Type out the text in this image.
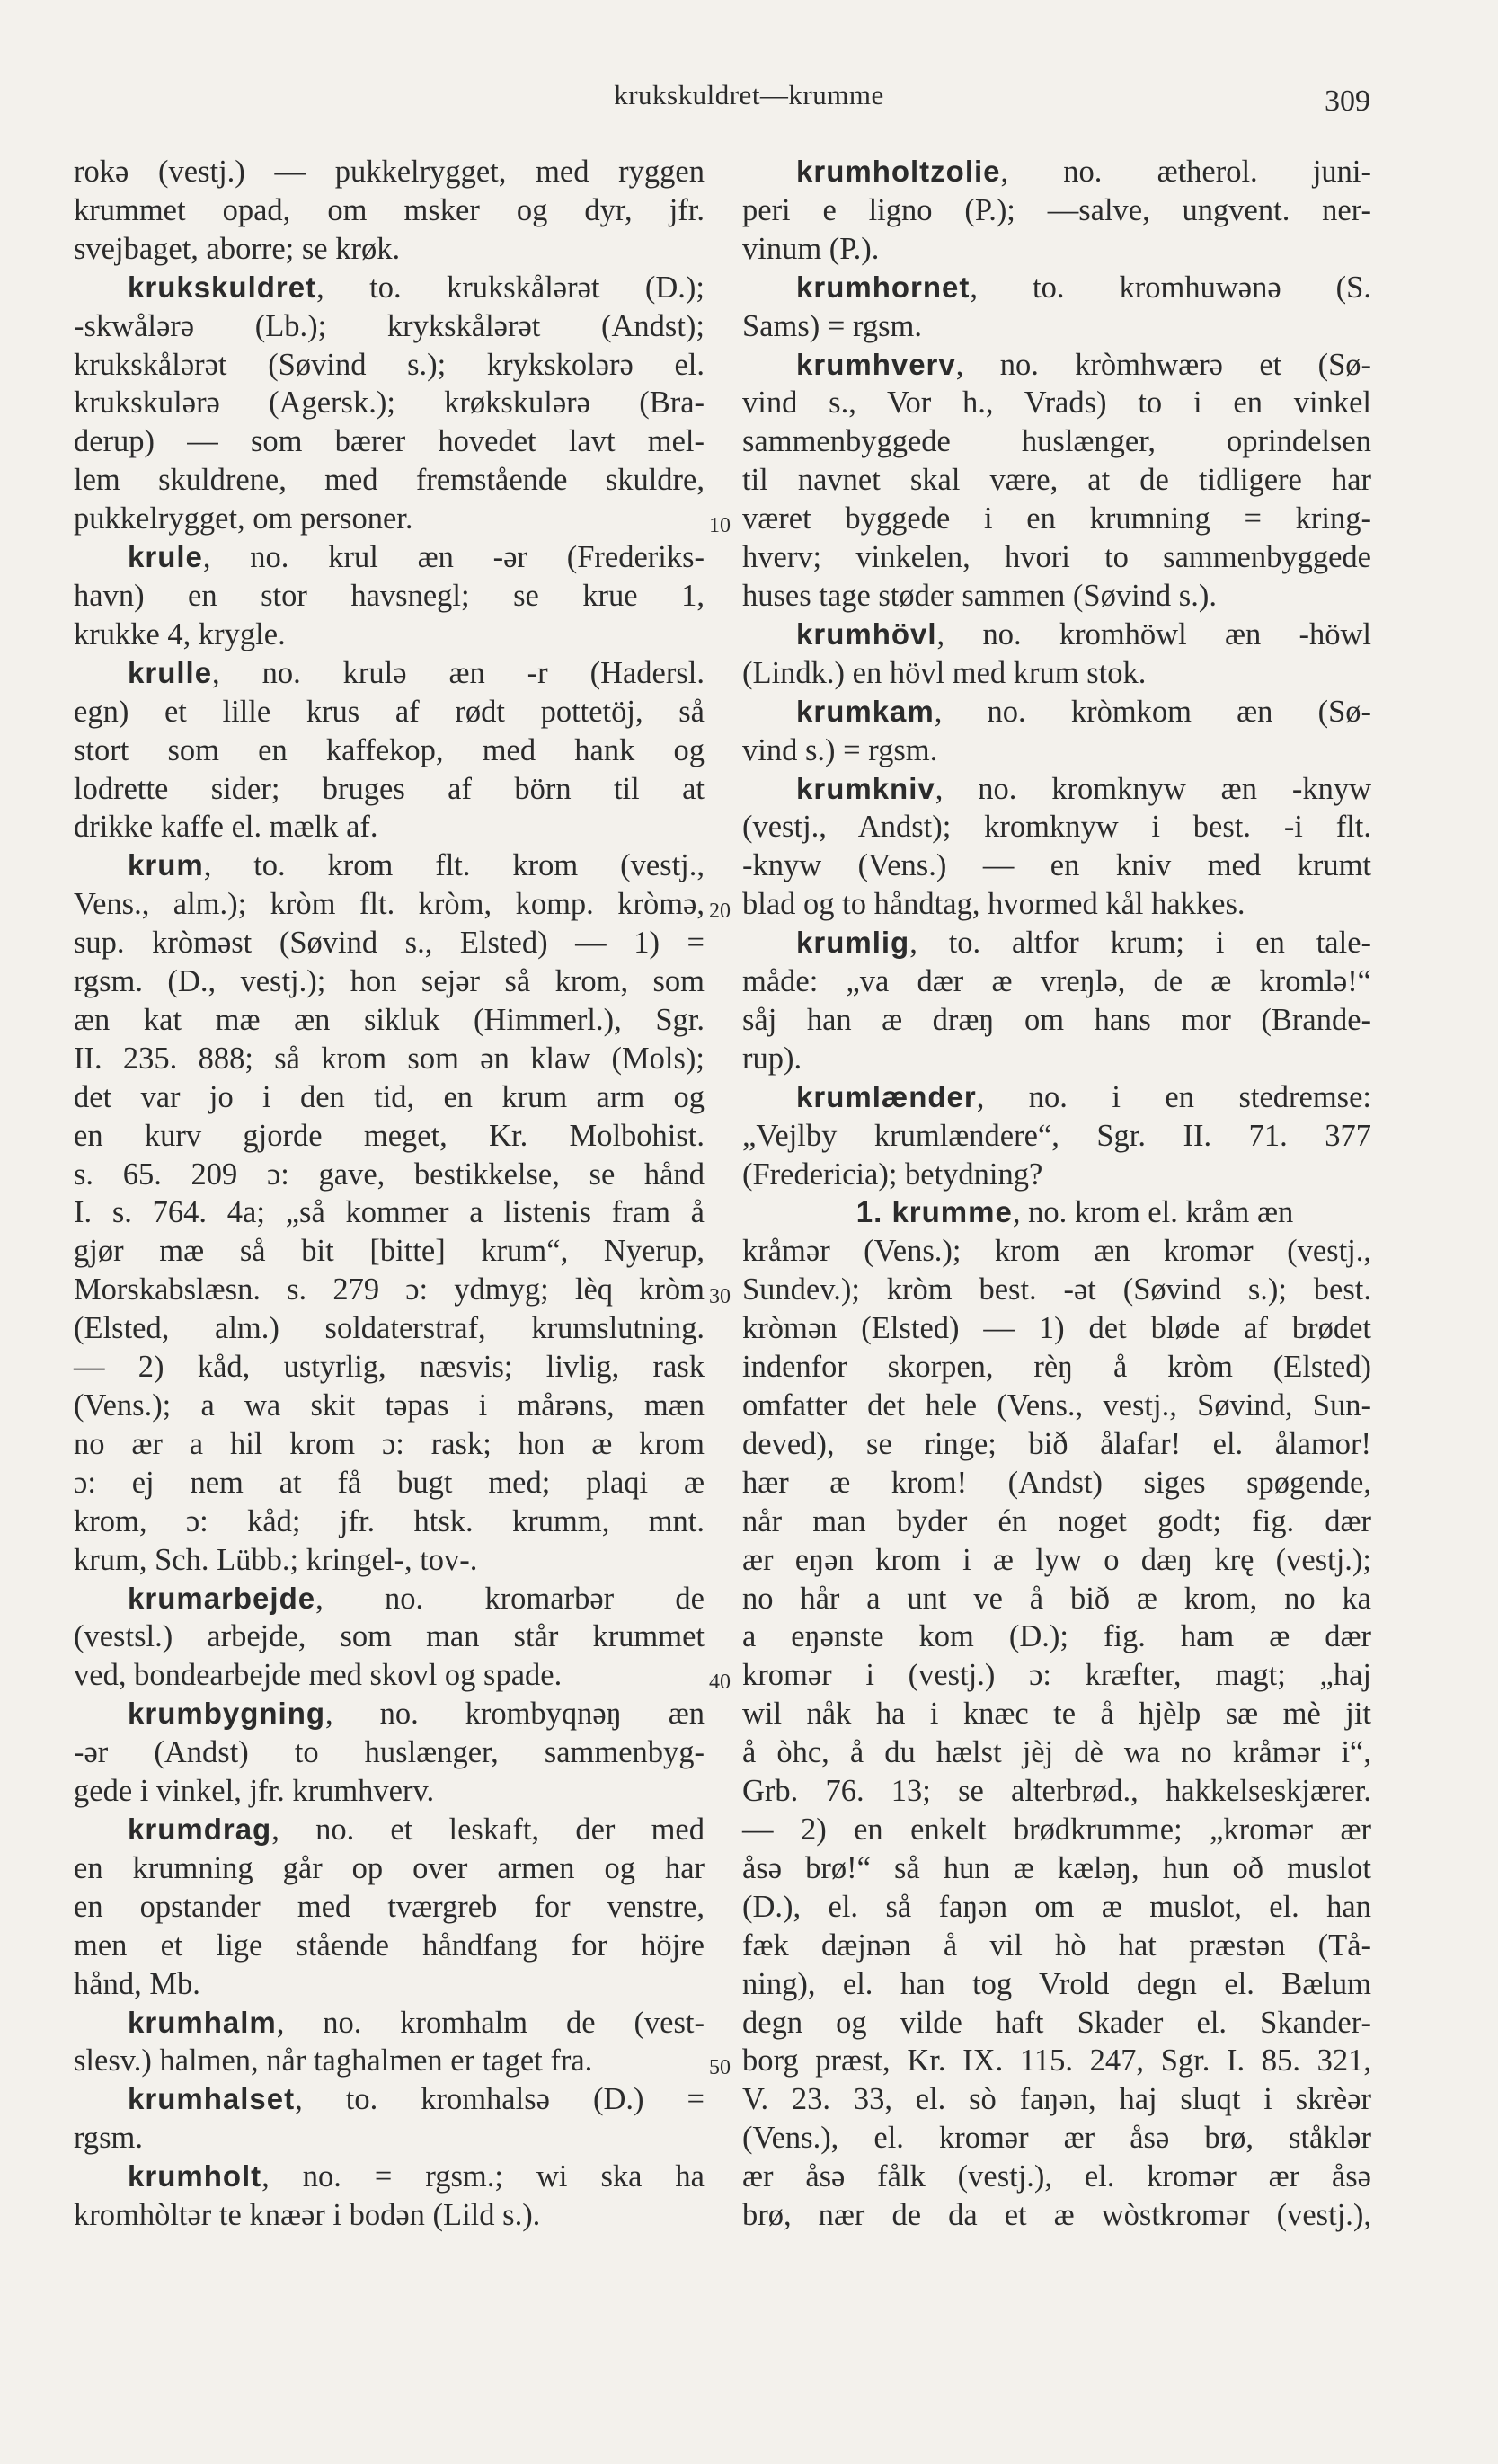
krukskuldret—krumme	309
rokə (vestj.) — pukkelrygget, med ryggen
krummet opad, om msker og dyr, jfr.
svejbaget, aborre; se krøk.
krukskuldret, to. krukskålərət (D.);
-skwålərə (Lb.); krykskålərət (Andst);
krukskålərət (Søvind s.); krykskolərə el.
krukskulərə (Agersk.); krøkskulərə (Bra-
derup) — som bærer hovedet lavt mel-
lem skuldrene, med fremstående skuldre,
pukkelrygget, om personer.
krule, no. krul æn -ər (Frederiks-
havn) en stor havsnegl; se krue 1,
krukke 4, krygle.
krulle, no. krulə æn -r (Hadersl.
egn) et lille krus af rødt pottetöj, så
stort som en kaffekop, med hank og
lodrette sider; bruges af börn til at
drikke kaffe el. mælk af.
krum, to. krom flt. krom (vestj.,
Vens., alm.); kròm flt. kròm, komp. kròmə,
sup. kròməst (Søvind s., Elsted) — 1) =
rgsm. (D., vestj.); hon sejər så krom, som
æn kat mæ æn sikluk (Himmerl.), Sgr.
II. 235. 888; så krom som ən klaw (Mols);
det var jo i den tid, en krum arm og
en kurv gjorde meget, Kr. Molbohist.
s. 65. 209 ɔ: gave, bestikkelse, se hånd
I. s. 764. 4a; „så kommer a listenis fram å
gjør mæ så bit [bitte] krum“, Nyerup,
Morskabslæsn. s. 279 ɔ: ydmyg; lèq kròm
(Elsted, alm.) soldaterstraf, krumslutning.
— 2) kåd, ustyrlig, næsvis; livlig, rask
(Vens.); a wa skit təpas i mårəns, mæn
no ær a hil krom ɔ: rask; hon æ krom
ɔ: ej nem at få bugt med; plaqi æ
krom, ɔ: kåd; jfr. htsk. krumm, mnt.
krum, Sch. Lübb.; kringel-, tov-.
krumarbejde, no. kromarbər de
(vestsl.) arbejde, som man står krummet
ved, bondearbejde med skovl og spade.
krumbygning, no. krombyqnəŋ æn
-ər (Andst) to huslænger, sammenbyg-
gede i vinkel, jfr. krumhverv.
krumdrag, no. et leskaft, der med
en krumning går op over armen og har
en opstander med tværgreb for venstre,
men et lige stående håndfang for höjre
hånd, Mb.
krumhalm, no. kromhalm de (vest-
slesv.) halmen, når taghalmen er taget fra.
krumhalset, to. kromhalsə (D.) =
rgsm.
krumholt, no. = rgsm.; wi ska ha
kromhòltər te knæər i bodən (Lild s.).
10
20
30
40
50
krumholtzolie, no. ætherol. juni-
peri e ligno (P.); —salve, ungvent. ner-
vinum (P.).
krumhornet, to. kromhuwənə (S.
Sams) = rgsm.
krumhverv, no. kròmhwærə et (Sø-
vind s., Vor h., Vrads) to i en vinkel
sammenbyggede huslænger, oprindelsen
til navnet skal være, at de tidligere har
været byggede i en krumning = kring-
hverv; vinkelen, hvori to sammenbyggede
huses tage støder sammen (Søvind s.).
krumhövl, no. kromhöwl æn -höwl
(Lindk.) en hövl med krum stok.
krumkam, no. kròmkom æn (Sø-
vind s.) = rgsm.
krumkniv, no. kromknyw æn -knyw
(vestj., Andst); kromknyw i best. -i flt.
-knyw (Vens.) — en kniv med krumt
blad og to håndtag, hvormed kål hakkes.
krumlig, to. altfor krum; i en tale-
måde: „va dær æ vreŋlə, de æ kromlə!“
såj han æ dræŋ om hans mor (Brande-
rup).
krumlænder, no. i en stedremse:
„Vejlby krumlændere“, Sgr. II. 71. 377
(Fredericia); betydning?
1. krumme, no. krom el. kråm æn
kråmər (Vens.); krom æn kromər (vestj.,
Sundev.); kròm best. -ət (Søvind s.); best.
kròmən (Elsted) — 1) det bløde af brødet
indenfor skorpen, rèŋ å kròm (Elsted)
omfatter det hele (Vens., vestj., Søvind, Sun-
deved), se ringe; bið ålafar! el. ålamor!
hær æ krom! (Andst) siges spøgende,
når man byder én noget godt; fig. dær
ær eŋən krom i æ lyw o dæŋ krę (vestj.);
no hår a unt ve å bið æ krom, no ka
a eŋənste kom (D.); fig. ham æ dær
kromər i (vestj.) ɔ: kræfter, magt; „haj
wil nåk ha i knæc te å hjèlp sæ mè jit
å òhc, å du hælst jèj dè wa no kråmər i“,
Grb. 76. 13; se alterbrød., hakkelseskjærer.
— 2) en enkelt brødkrumme; „kromər ær
åsə brø!“ så hun æ kæləŋ, hun oð muslot
(D.), el. så faŋən om æ muslot, el. han
fæk dæjnən å vil hò hat præstən (Tå-
ning), el. han tog Vrold degn el. Bælum
degn og vilde haft Skader el. Skander-
borg præst, Kr. IX. 115. 247, Sgr. I. 85. 321,
V. 23. 33, el. sò faŋən, haj sluqt i skrèər
(Vens.), el. kromər ær åsə brø, ståklər
ær åsə fålk (vestj.), el. kromər ær åsə
brø, nær de da et æ wòstkromər (vestj.),
